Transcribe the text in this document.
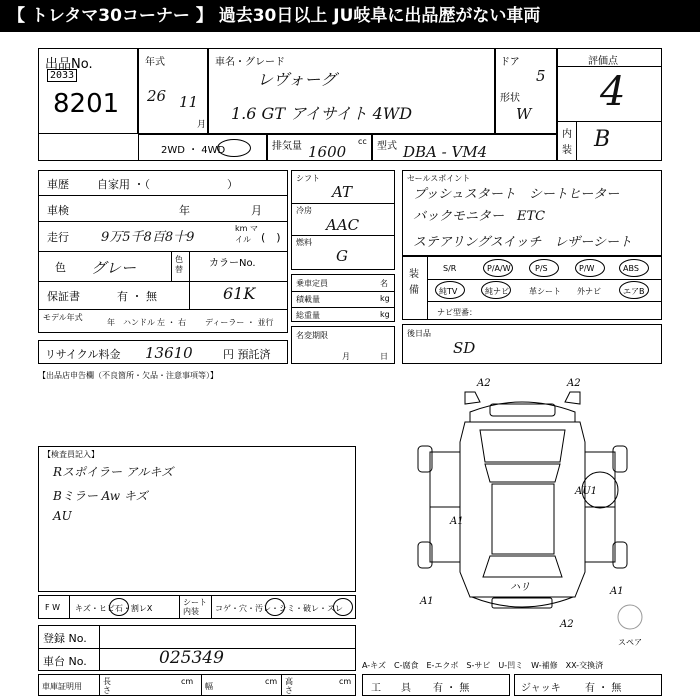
【 トレタマ30コーナー 】 過去30日以上 JU岐阜に出品歴がない車両
出品No.
2033
8201
年式
26 11
月
車名・グレード
レヴォーグ
1.6 GT アイサイト 4WD
ドア
5
形状
W
評価点
4
内
装 B
2WD ・ 4WD	排気量	cc
1600	型式 DBA - VM4
車歴	自家用 ・（　　　　　　　）
車検	年	月
走行 9万5千8百8十9
km マイル (　)
色 グレー	色替
カラーNo.
61K
保証書	有 ・ 無
モデル年式
年 ハンドル 左 ・ 右 ディーラー ・ 並行
リサイクル料金 13610	円 預託済
シフト
AT
冷房
AAC
燃料
G
乗車定員	名
積載量	kg
総重量	kg
名変期限
月	日
セールスポイント
プッシュスタート　シートヒーター
バックモニター　ETC
ステアリングスイッチ　レザーシート
装備
S/R	P/A/W	P/S	P/W	ABS
純TV	純ナビ	革シート 外ナビ	エアB
ナビ型番：
後日品
SD
【出品店申告欄（不良箇所・欠品・注意事項等）】
【検査員記入】
Rスポイラー アルキズ
Bミラー Aw キズ
AU
F W キズ・ヒビ石・割レX
シート内装	コゲ・穴・汚レ・シミ・破レ・スレ
登録 No.
車台 No.	025349
車庫証明用
長さ
cm
幅
cm 高さ
cm
A2	A2
AU1
A1
A1
A1
ハリ
A2
スペア
A-キズ　C-腐食　E-エクボ　S-サビ　U-凹ミ　W-補修　XX-交換済
工　　具 有 ・ 無	ジャッキ 有 ・ 無
